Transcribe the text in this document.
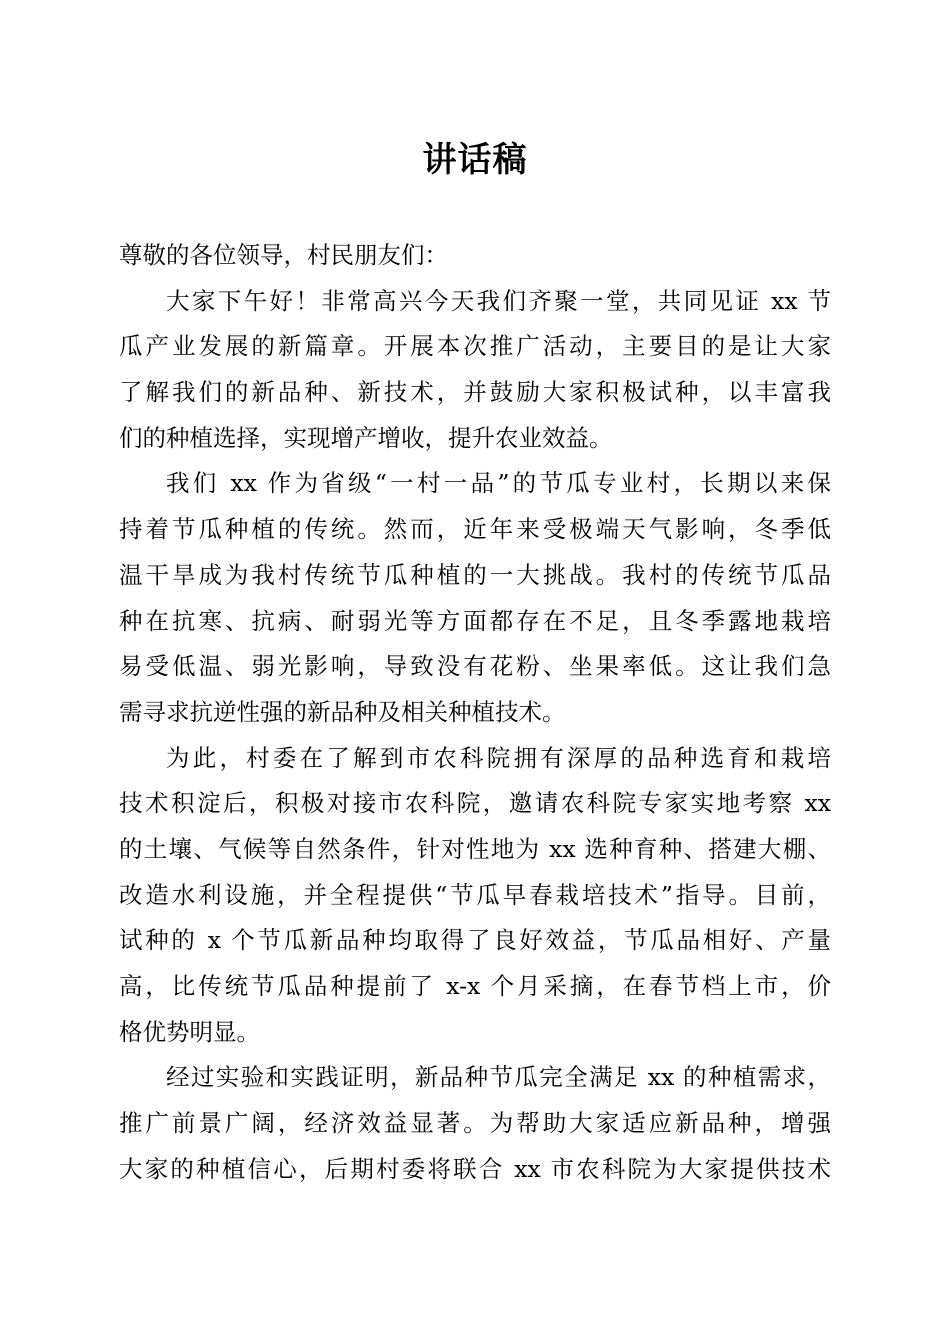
讲话稿
尊敬的各位领导，村民朋友们：
大家下午好！非常高兴今天我们齐聚一堂，共同见证 xx 节
瓜产业发展的新篇章。开展本次推广活动，主要目的是让大家
了解我们的新品种、新技术，并鼓励大家积极试种，以丰富我
们的种植选择，实现增产增收，提升农业效益。
我们 xx 作为省级“一村一品”的节瓜专业村，长期以来保
持着节瓜种植的传统。然而，近年来受极端天气影响，冬季低
温干旱成为我村传统节瓜种植的一大挑战。我村的传统节瓜品
种在抗寒、抗病、耐弱光等方面都存在不足，且冬季露地栽培
易受低温、弱光影响，导致没有花粉、坐果率低。这让我们急
需寻求抗逆性强的新品种及相关种植技术。
为此，村委在了解到市农科院拥有深厚的品种选育和栽培
技术积淀后，积极对接市农科院，邀请农科院专家实地考察 xx
的土壤、气候等自然条件，针对性地为 xx 选种育种、搭建大棚、
改造水利设施，并全程提供“节瓜早春栽培技术”指导。目前，
试种的 x 个节瓜新品种均取得了良好效益，节瓜品相好、产量
高，比传统节瓜品种提前了 x-x 个月采摘，在春节档上市，价
格优势明显。
经过实验和实践证明，新品种节瓜完全满足 xx 的种植需求，
推广前景广阔，经济效益显著。为帮助大家适应新品种，增强
大家的种植信心，后期村委将联合 xx 市农科院为大家提供技术
